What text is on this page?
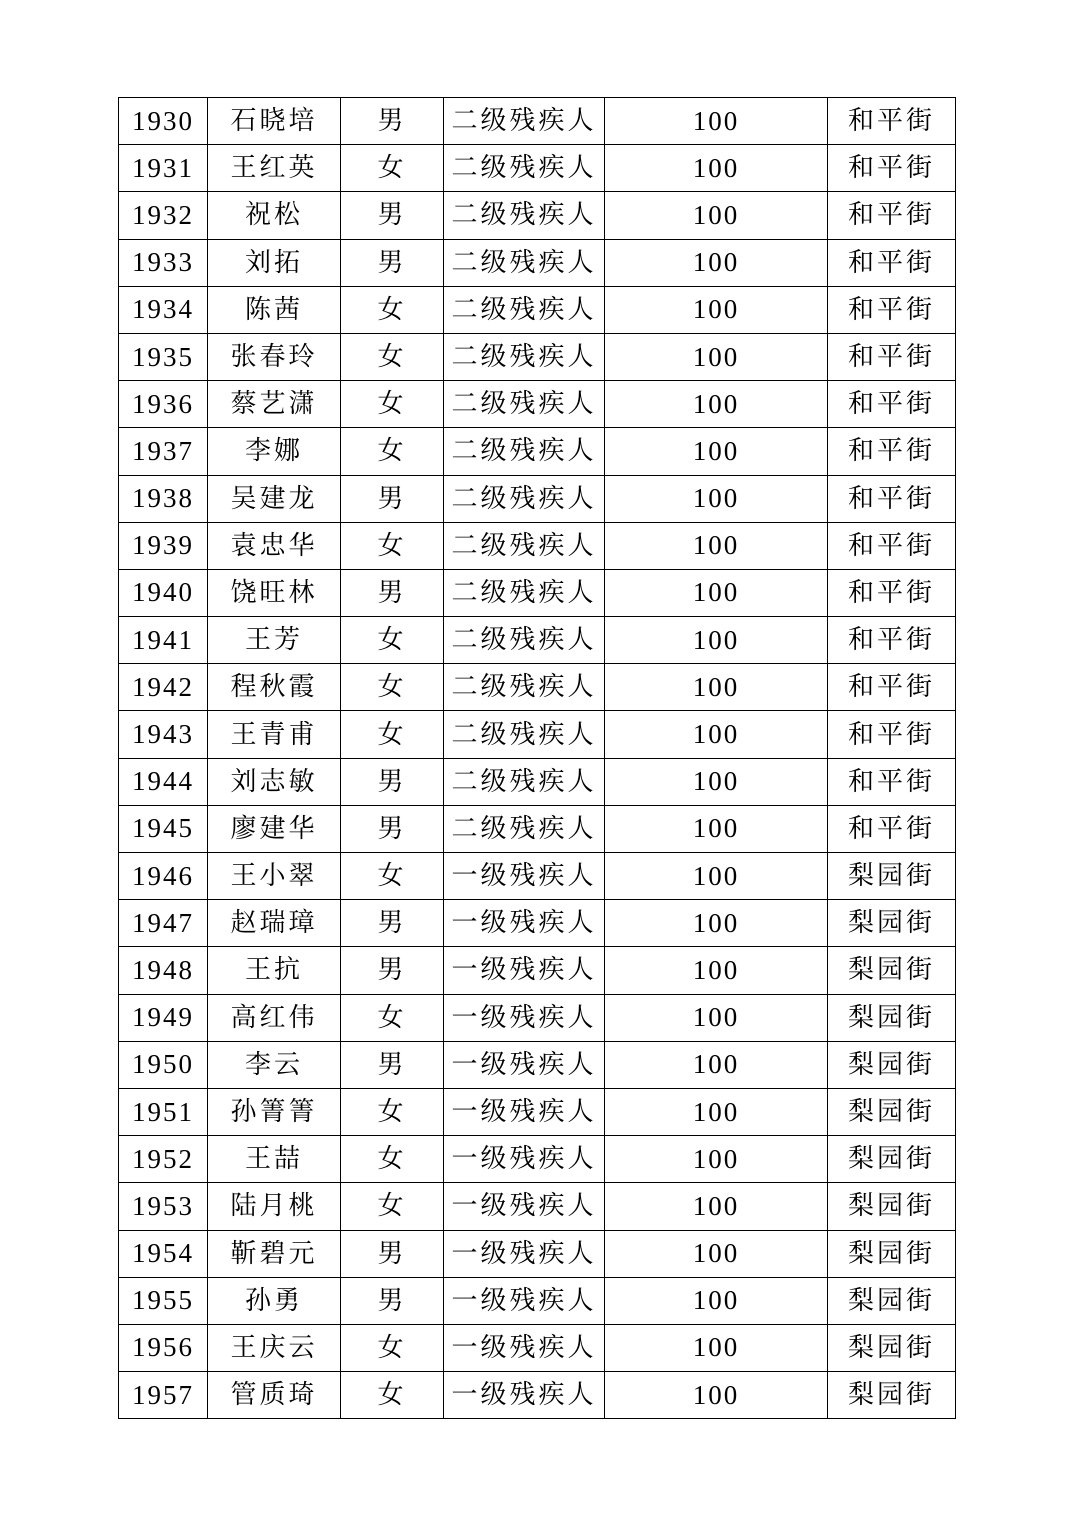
1930	石晓培	男	二级残疾人	100	和平街
1931	王红英	女	二级残疾人	100	和平街
1932	祝松	男	二级残疾人	100	和平街
1933	刘拓	男	二级残疾人	100	和平街
1934	陈茜	女	二级残疾人	100	和平街
1935	张春玲	女	二级残疾人	100	和平街
1936	蔡艺潇	女	二级残疾人	100	和平街
1937	李娜	女	二级残疾人	100	和平街
1938	吴建龙	男	二级残疾人	100	和平街
1939	袁忠华	女	二级残疾人	100	和平街
1940	饶旺林	男	二级残疾人	100	和平街
1941	王芳	女	二级残疾人	100	和平街
1942	程秋霞	女	二级残疾人	100	和平街
1943	王青甫	女	二级残疾人	100	和平街
1944	刘志敏	男	二级残疾人	100	和平街
1945	廖建华	男	二级残疾人	100	和平街
1946	王小翠	女	一级残疾人	100	梨园街
1947	赵瑞璋	男	一级残疾人	100	梨园街
1948	王抗	男	一级残疾人	100	梨园街
1949	高红伟	女	一级残疾人	100	梨园街
1950	李云	男	一级残疾人	100	梨园街
1951	孙箐箐	女	一级残疾人	100	梨园街
1952	王喆	女	一级残疾人	100	梨园街
1953	陆月桃	女	一级残疾人	100	梨园街
1954	靳碧元	男	一级残疾人	100	梨园街
1955	孙勇	男	一级残疾人	100	梨园街
1956	王庆云	女	一级残疾人	100	梨园街
1957	管质琦	女	一级残疾人	100	梨园街
